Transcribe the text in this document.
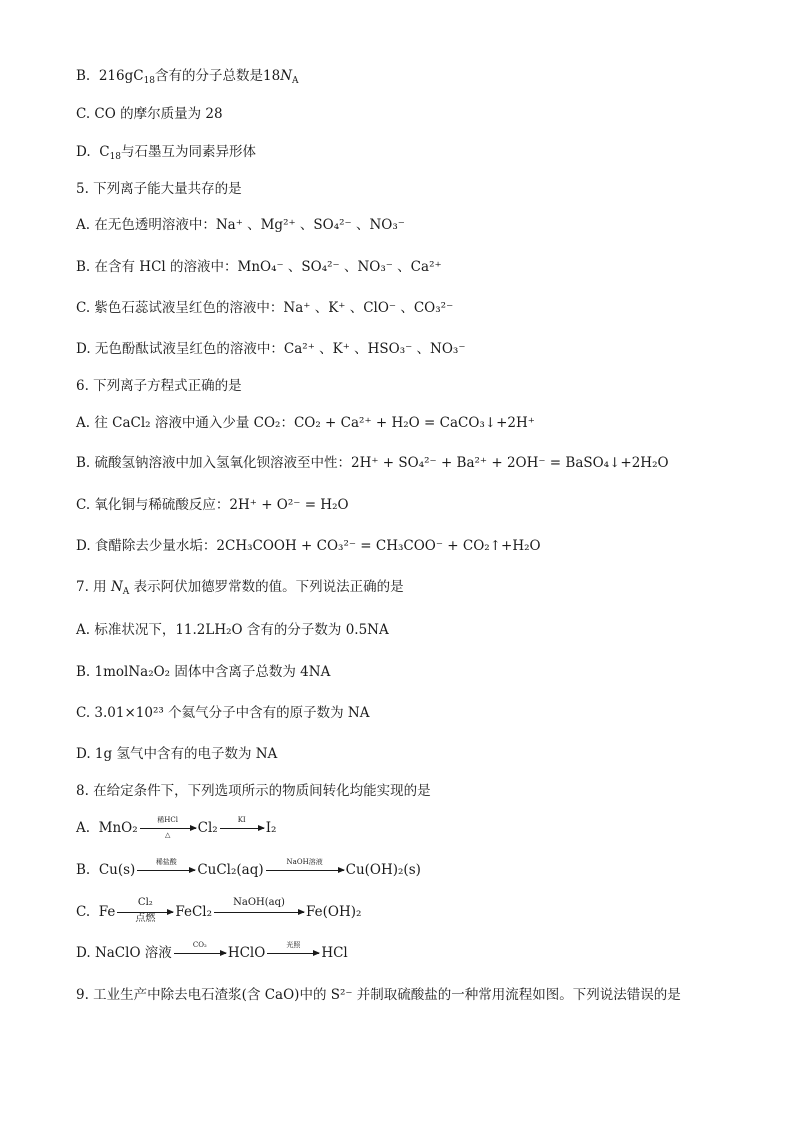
B. $216gC_{18}$含有的分子总数是$18N_A$
C. CO 的摩尔质量为 28
D. $C_{18}$与石墨互为同素异形体
5. 下列离子能大量共存的是
A. 在无色透明溶液中：Na⁺ 、Mg²⁺ 、SO₄²⁻ 、NO₃⁻
B. 在含有 HCl 的溶液中：MnO₄⁻ 、SO₄²⁻ 、NO₃⁻ 、Ca²⁺
C. 紫色石蕊试液呈红色的溶液中：Na⁺ 、K⁺ 、ClO⁻ 、CO₃²⁻
D. 无色酚酞试液呈红色的溶液中：Ca²⁺ 、K⁺ 、HSO₃⁻ 、NO₃⁻
6. 下列离子方程式正确的是
A. 往 CaCl₂ 溶液中通入少量 CO₂：CO₂ + Ca²⁺ + H₂O = CaCO₃↓+2H⁺
B. 硫酸氢钠溶液中加入氢氧化钡溶液至中性：2H⁺ + SO₄²⁻ + Ba²⁺ + 2OH⁻ = BaSO₄↓+2H₂O
C. 氧化铜与稀硫酸反应：2H⁺ + O²⁻ = H₂O
D. 食醋除去少量水垢：2CH₃COOH + CO₃²⁻ = CH₃COO⁻ + CO₂↑+H₂O
7. 用 $N_A$ 表示阿伏加德罗常数的值。下列说法正确的是
A. 标准状况下，11.2LH₂O 含有的分子数为 0.5NA
B. 1molNa₂O₂ 固体中含离子总数为 4NA
C. 3.01×10²³ 个氦气分子中含有的原子数为 NA
D. 1g 氢气中含有的电子数为 NA
8. 在给定条件下，下列选项所示的物质间转化均能实现的是
A. MnO₂	稀HCl
△	Cl₂	KI	I₂
B. Cu(s)	稀盐酸	CuCl₂(aq)	NaOH溶液	Cu(OH)₂(s)
C. Fe
Cl₂
点燃	FeCl₂
NaOH(aq)
Fe(OH)₂
D. NaClO 溶液	CO₂	HClO	光照	HCl
9. 工业生产中除去电石渣浆(含 CaO)中的 S²⁻ 并制取硫酸盐的一种常用流程如图。下列说法错误的是
